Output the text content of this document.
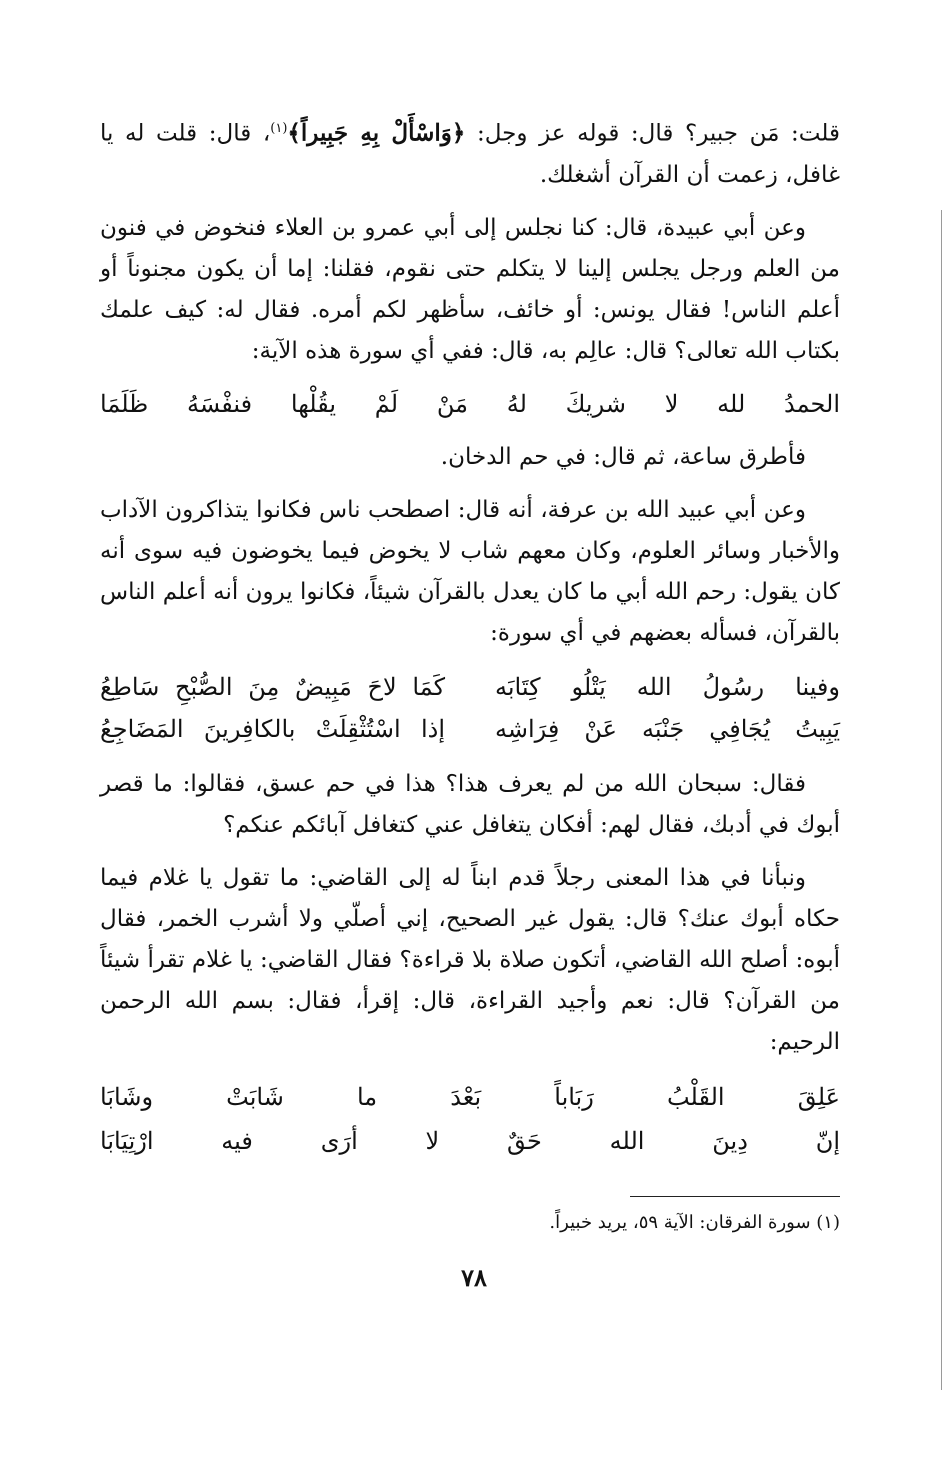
قلت: مَن جبير؟ قال: قوله عز وجل: ﴿وَاسْأَلْ بِهِ جَبِيراً﴾$^{(١)}$، قال: قلت له يا غافل، زعمت أن القرآن أشغلك.

وعن أبي عبيدة، قال: كنا نجلس إلى أبي عمرو بن العلاء فنخوض في فنون من العلم ورجل يجلس إلينا لا يتكلم حتى نقوم، فقلنا: إما أن يكون مجنوناً أو أعلم الناس! فقال يونس: أو خائف، سأظهر لكم أمره. فقال له: كيف علمك بكتاب الله تعالى؟ قال: عالِم به، قال: ففي أي سورة هذه الآية:

الحمدُ لله لا شريكَ لهُ مَنْ لَمْ يقُلْها فنفْسَهُ ظَلَمَا

فأطرق ساعة، ثم قال: في حم الدخان.

وعن أبي عبيد الله بن عرفة، أنه قال: اصطحب ناس فكانوا يتذاكرون الآداب والأخبار وسائر العلوم، وكان معهم شاب لا يخوض فيما يخوضون فيه سوى أنه كان يقول: رحم الله أبي ما كان يعدل بالقرآن شيئاً، فكانوا يرون أنه أعلم الناس بالقرآن، فسأله بعضهم في أي سورة:

وفينا رسُولُ الله يَتْلُو كِتَابَه
كَمَا لاحَ مَبِيضٌ مِنَ الصُّبْحِ سَاطِعُ
يَبِيتُ يُجَافِي جَنْبَه عَنْ فِرَاشِه
إذا اسْتُثْقِلَتْ بالكافِرينَ المَضَاجِعُ

فقال: سبحان الله من لم يعرف هذا؟ هذا في حم عسق، فقالوا: ما قصر أبوك في أدبك، فقال لهم: أفكان يتغافل عني كتغافل آبائكم عنكم؟

ونبأنا في هذا المعنى رجلاً قدم ابناً له إلى القاضي: ما تقول يا غلام فيما حكاه أبوك عنك؟ قال: يقول غير الصحيح، إني أصلّي ولا أشرب الخمر، فقال أبوه: أصلح الله القاضي، أتكون صلاة بلا قراءة؟ فقال القاضي: يا غلام تقرأ شيئاً من القرآن؟ قال: نعم وأجيد القراءة، قال: إقرأ، فقال: بسم الله الرحمن الرحيم:

عَلِقَ
القَلْبُ
رَبَاباً
بَعْدَ
ما
شَابَتْ
وشَابَا
إنّ
دِينَ
الله
حَقٌ
لا
أرَى
فيه
ارْتِيَابَا
(١) سورة الفرقان: الآية ٥٩، يريد خبيراً.
٧٨
